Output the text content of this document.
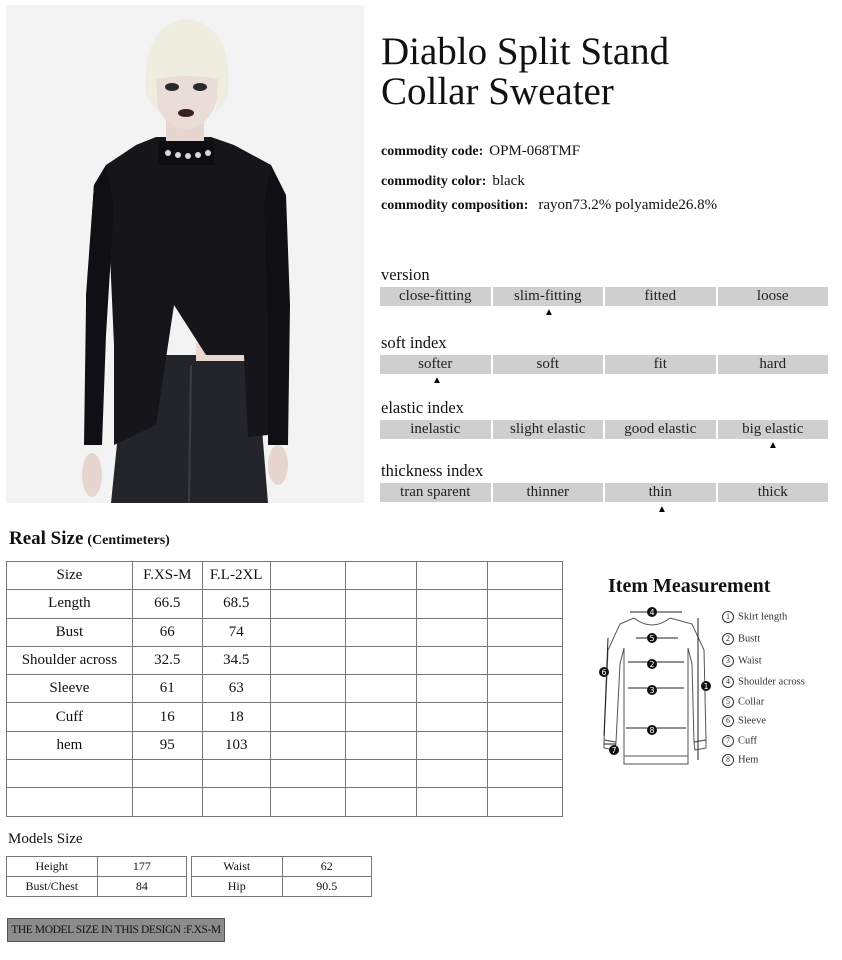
Diablo Split Stand
Collar Sweater
commodity code: OPM-068TMF
commodity color: black
commodity composition: rayon73.2% polyamide26.8%
version
close-fitting	slim-fitting	fitted	loose
▲
soft index
softer	soft	fit	hard
▲
elastic index
inelastic	slight elastic	good elastic	big elastic
▲
thickness index
tran sparent	thinner	thin	thick
▲
Real Size (Centimeters)
Size	F.XS-M	F.L-2XL				
Length	66.5	68.5				
Bust	66	74				
Shoulder across	32.5	34.5				
Sleeve	61	63				
Cuff	16	18				
hem	95	103				

Item Measurement
4
5
2
3
8
1
6
7
1 Skirt length
2 Bustt
3 Waist
4 Shoulder across
5 Collar
6 Sleeve
7 Cuff
8 Hem
Models Size
Height	177
Bust/Chest	84
Waist	62
Hip	90.5
THE MODEL SIZE IN THIS DESIGN :F.XS-M
